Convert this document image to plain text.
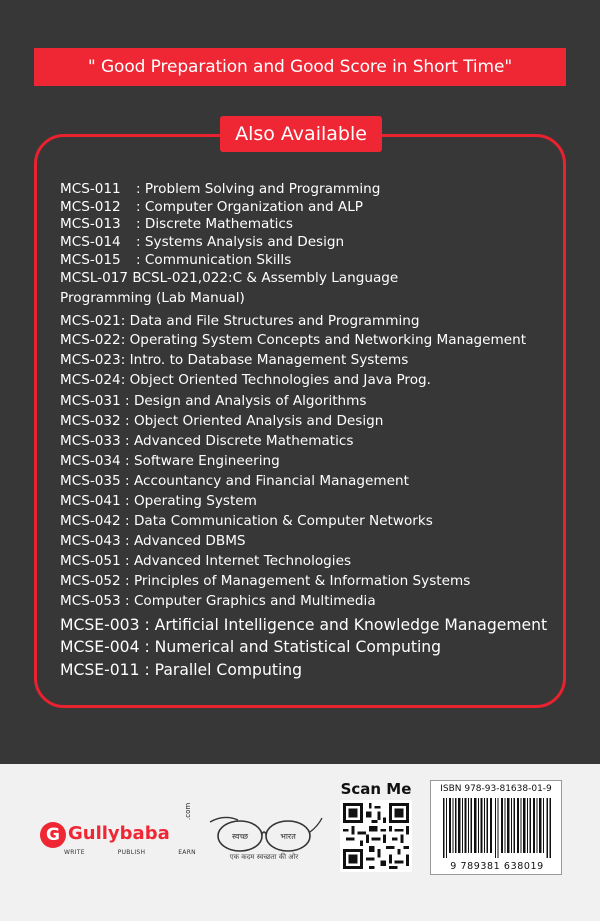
" Good Preparation and Good Score in Short Time"
Also Available
MCS-011 : Problem Solving and Programming
MCS-012 : Computer Organization and ALP
MCS-013 : Discrete Mathematics
MCS-014 : Systems Analysis and Design
MCS-015 : Communication Skills
MCSL-017 BCSL-021,022:C & Assembly Language
Programming (Lab Manual)
MCS-021: Data and File Structures and Programming
MCS-022: Operating System Concepts and Networking Management
MCS-023: Intro. to Database Management Systems
MCS-024: Object Oriented Technologies and Java Prog.
MCS-031 : Design and Analysis of Algorithms
MCS-032 : Object Oriented Analysis and Design
MCS-033 : Advanced Discrete Mathematics
MCS-034 : Software Engineering
MCS-035 : Accountancy and Financial Management
MCS-041 : Operating System
MCS-042 : Data Communication & Computer Networks
MCS-043 : Advanced DBMS
MCS-051 : Advanced Internet Technologies
MCS-052 : Principles of Management & Information Systems
MCS-053 : Computer Graphics and Multimedia
MCSE-003 : Artificial Intelligence and Knowledge Management
MCSE-004 : Numerical and Statistical Computing
MCSE-011 : Parallel Computing
G Gullybaba
.com
WRITE	PUBLISH	EARN
स्वच्छ	भारत
एक कदम स्वच्छता की ओर
Scan Me	ISBN 978-93-81638-01-9
9 789381 638019
